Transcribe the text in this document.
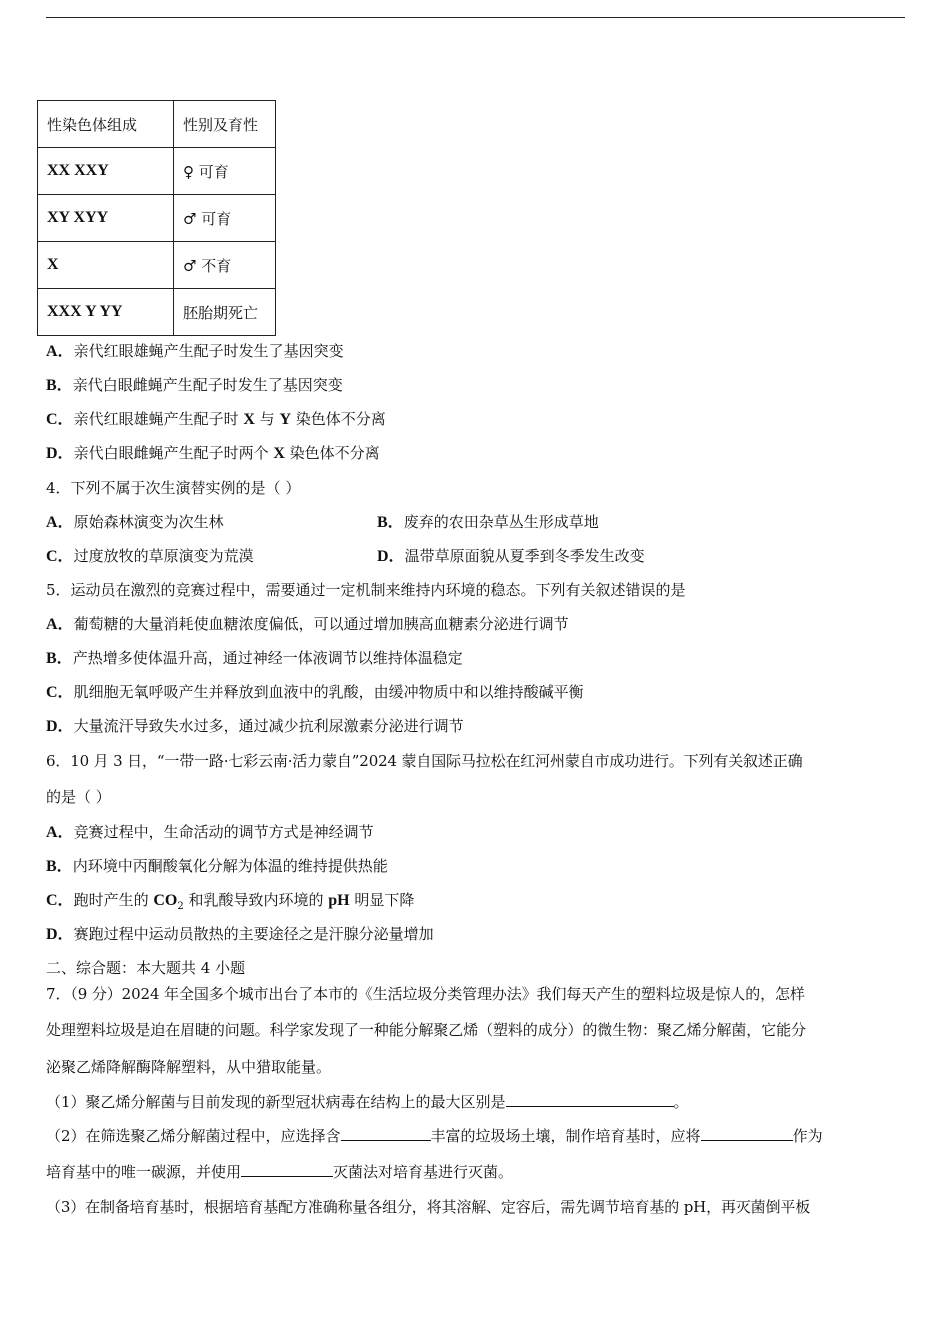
性染色体组成	性别及育性
XX XXY	♀ 可育
XY XYY	♂ 可育
X	♂ 不育
XXX Y YY	胚胎期死亡
A．亲代红眼雄蝇产生配子时发生了基因突变
B．亲代白眼雌蝇产生配子时发生了基因突变
C．亲代红眼雄蝇产生配子时 X 与 Y 染色体不分离
D．亲代白眼雌蝇产生配子时两个 X 染色体不分离
4．下列不属于次生演替实例的是（ ）
A．原始森林演变为次生林	B．废弃的农田杂草丛生形成草地
C．过度放牧的草原演变为荒漠	D．温带草原面貌从夏季到冬季发生改变
5．运动员在激烈的竞赛过程中，需要通过一定机制来维持内环境的稳态。下列有关叙述错误的是
A．葡萄糖的大量消耗使血糖浓度偏低，可以通过增加胰高血糖素分泌进行调节
B．产热增多使体温升高，通过神经一体液调节以维持体温稳定
C．肌细胞无氧呼吸产生并释放到血液中的乳酸，由缓冲物质中和以维持酸碱平衡
D．大量流汗导致失水过多，通过减少抗利尿激素分泌进行调节
6．10 月 3 日，“一带一路·七彩云南·活力蒙自”2024 蒙自国际马拉松在红河州蒙自市成功进行。下列有关叙述正确
的是（ ）
A．竞赛过程中，生命活动的调节方式是神经调节
B．内环境中丙酮酸氧化分解为体温的维持提供热能
C．跑时产生的 $CO_2$ 和乳酸导致内环境的 pH 明显下降
D．赛跑过程中运动员散热的主要途径之是汗腺分泌量增加
二、综合题：本大题共 4 小题
7．（9 分）2024 年全国多个城市出台了本市的《生活垃圾分类管理办法》我们每天产生的塑料垃圾是惊人的，怎样
处理塑料垃圾是迫在眉睫的问题。科学家发现了一种能分解聚乙烯（塑料的成分）的微生物：聚乙烯分解菌，它能分
泌聚乙烯降解酶降解塑料，从中猎取能量。
（1）聚乙烯分解菌与目前发现的新型冠状病毒在结构上的最大区别是	。
（2）在筛选聚乙烯分解菌过程中，应选择含	丰富的垃圾场土壤，制作培育基时，应将	作为
培育基中的唯一碳源，并使用	灭菌法对培育基进行灭菌。
（3）在制备培育基时，根据培育基配方准确称量各组分，将其溶解、定容后，需先调节培育基的 pH，再灭菌倒平板
